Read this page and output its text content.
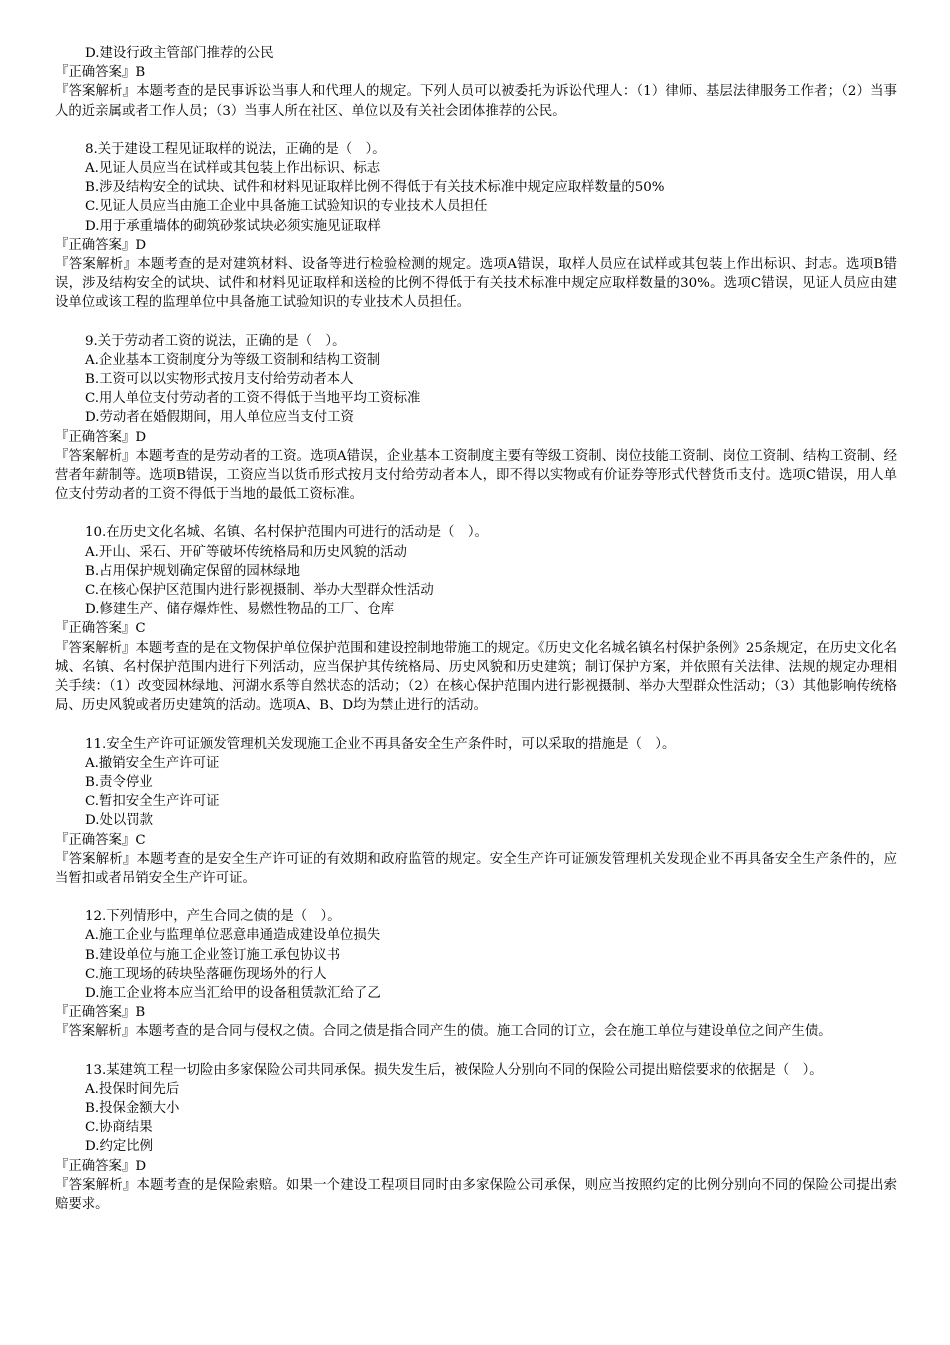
D.建设行政主管部门推荐的公民
『正确答案』B
『答案解析』本题考查的是民事诉讼当事人和代理人的规定。下列人员可以被委托为诉讼代理人：（1）律师、基层法律服务工作者；（2）当事人的近亲属或者工作人员；（3）当事人所在社区、单位以及有关社会团体推荐的公民。
8.关于建设工程见证取样的说法，正确的是（　）。
A.见证人员应当在试样或其包装上作出标识、标志
B.涉及结构安全的试块、试件和材料见证取样比例不得低于有关技术标准中规定应取样数量的50%
C.见证人员应当由施工企业中具备施工试验知识的专业技术人员担任
D.用于承重墙体的砌筑砂浆试块必须实施见证取样
『正确答案』D
『答案解析』本题考查的是对建筑材料、设备等进行检验检测的规定。选项A错误，取样人员应在试样或其包装上作出标识、封志。选项B错误，涉及结构安全的试块、试件和材料见证取样和送检的比例不得低于有关技术标准中规定应取样数量的30%。选项C错误，见证人员应由建设单位或该工程的监理单位中具备施工试验知识的专业技术人员担任。
9.关于劳动者工资的说法，正确的是（　）。
A.企业基本工资制度分为等级工资制和结构工资制
B.工资可以以实物形式按月支付给劳动者本人
C.用人单位支付劳动者的工资不得低于当地平均工资标准
D.劳动者在婚假期间，用人单位应当支付工资
『正确答案』D
『答案解析』本题考查的是劳动者的工资。选项A错误，企业基本工资制度主要有等级工资制、岗位技能工资制、岗位工资制、结构工资制、经营者年薪制等。选项B错误，工资应当以货币形式按月支付给劳动者本人，即不得以实物或有价证券等形式代替货币支付。选项C错误，用人单位支付劳动者的工资不得低于当地的最低工资标准。
10.在历史文化名城、名镇、名村保护范围内可进行的活动是（　）。
A.开山、采石、开矿等破坏传统格局和历史风貌的活动
B.占用保护规划确定保留的园林绿地
C.在核心保护区范围内进行影视摄制、举办大型群众性活动
D.修建生产、储存爆炸性、易燃性物品的工厂、仓库
『正确答案』C
『答案解析』本题考查的是在文物保护单位保护范围和建设控制地带施工的规定。《历史文化名城名镇名村保护条例》25条规定，在历史文化名城、名镇、名村保护范围内进行下列活动，应当保护其传统格局、历史风貌和历史建筑；制订保护方案，并依照有关法律、法规的规定办理相关手续：（1）改变园林绿地、河湖水系等自然状态的活动；（2）在核心保护范围内进行影视摄制、举办大型群众性活动；（3）其他影响传统格局、历史风貌或者历史建筑的活动。选项A、B、D均为禁止进行的活动。
11.安全生产许可证颁发管理机关发现施工企业不再具备安全生产条件时，可以采取的措施是（　）。
A.撤销安全生产许可证
B.责令停业
C.暂扣安全生产许可证
D.处以罚款
『正确答案』C
『答案解析』本题考查的是安全生产许可证的有效期和政府监管的规定。安全生产许可证颁发管理机关发现企业不再具备安全生产条件的，应当暂扣或者吊销安全生产许可证。
12.下列情形中，产生合同之债的是（　）。
A.施工企业与监理单位恶意串通造成建设单位损失
B.建设单位与施工企业签订施工承包协议书
C.施工现场的砖块坠落砸伤现场外的行人
D.施工企业将本应当汇给甲的设备租赁款汇给了乙
『正确答案』B
『答案解析』本题考查的是合同与侵权之债。合同之债是指合同产生的债。施工合同的订立，会在施工单位与建设单位之间产生债。
13.某建筑工程一切险由多家保险公司共同承保。损失发生后，被保险人分别向不同的保险公司提出赔偿要求的依据是（　）。
A.投保时间先后
B.投保金额大小
C.协商结果
D.约定比例
『正确答案』D
『答案解析』本题考查的是保险索赔。如果一个建设工程项目同时由多家保险公司承保，则应当按照约定的比例分别向不同的保险公司提出索赔要求。
